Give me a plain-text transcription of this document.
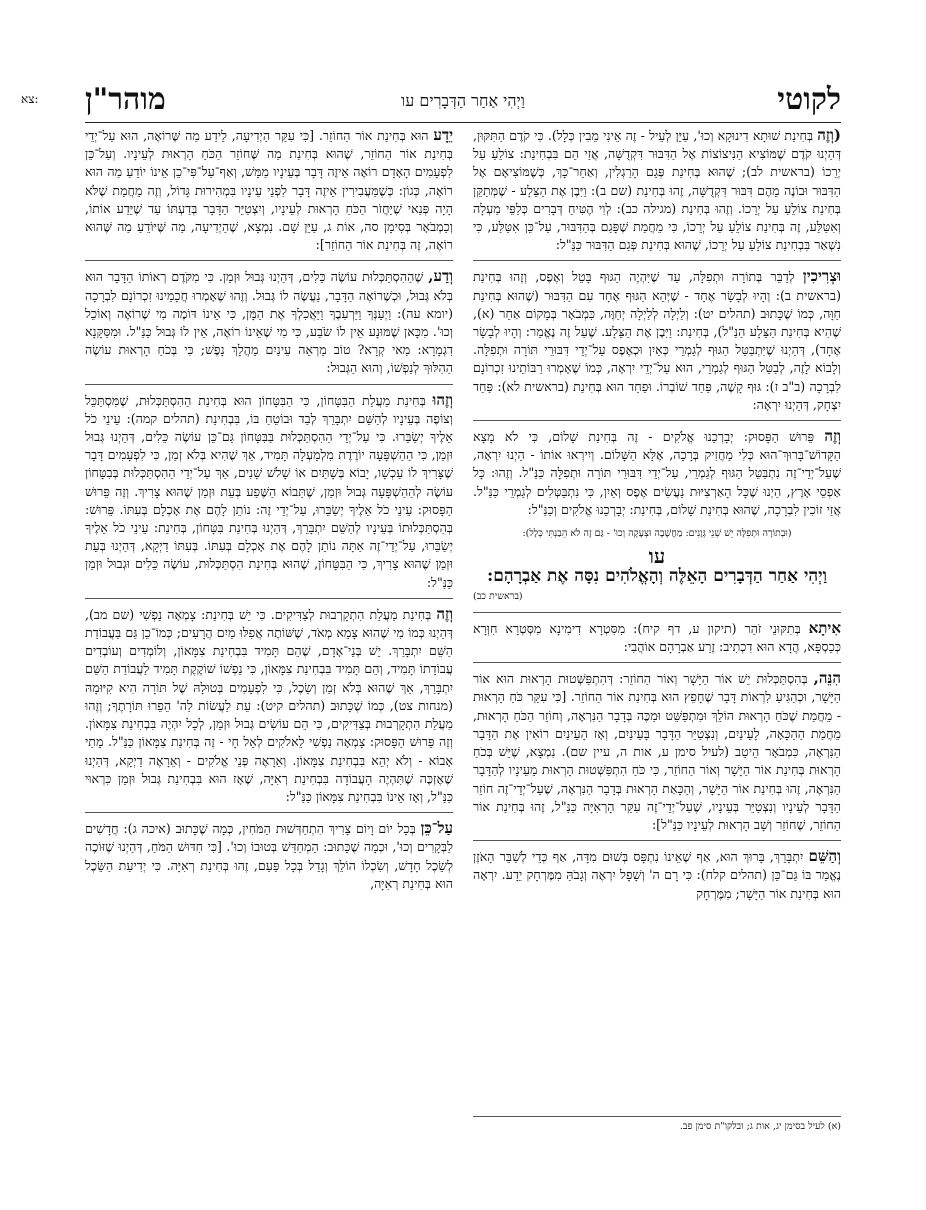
לקוטי
וַיְהִי אַחַר הַדְּבָרִים עו
מוהר"ן
צא:

(וְזֶה בְּחִינַת שׁוּתָא דִינוּקָא וְכוּ', עַיֵּן לְעֵיל - זֶה אֵינִי מֵבִין כְּלָל). כִּי קֹדֶם הַתִּקּוּן, דְּהַיְנוּ קֹדֶם שֶׁמּוֹצִיא הַנִּיצוֹצוֹת אֶל הַדִּבּוּר דִּקְדֻשָּׁה, אֲזַי הֵם בִּבְחִינַת: צוֹלֵעַ עַל יְרֵכוֹ (בראשית לב); שֶׁהוּא בְּחִינַת פְּגַם הָרַגְלִין, וְאַחַר־כָּךְ, כְּשֶׁמּוֹצִיאָם אֶל הַדִּבּוּר וּבוֹנֶה מֵהֶם דִּבּוּר דִּקְדֻשָּׁה, זֶהוּ בְּחִינַת (שם ב): וַיִּבֶן אֶת הַצֵּלָע - שֶׁמְּתַקֵּן בְּחִינַת צוֹלֵעַ עַל יְרֵכוֹ. וְזֶהוּ בְּחִינַת (מגילה כב): לְוִי הֶטִּיחַ דְּבָרִים כְּלַפֵּי מַעְלָה וְאִטַּלַּע, זֶה בְּחִינַת צוֹלֵעַ עַל יְרֵכוֹ, כִּי מֵחֲמַת שֶׁפָּגַם בְּהַדִּבּוּר, עַל־כֵּן אִטַּלַּע, כִּי נִשְׁאַר בִּבְחִינַת צוֹלֵעַ עַל יְרֵכוֹ, שֶׁהוּא בְּחִינַת פְּגַם הַדִּבּוּר כַּנַּ"ל:

וּצְרִיכִין לְדַבֵּר בְּתוֹרָה וּתְפִלָּה, עַד שֶׁיִּהְיֶה הַגּוּף בָּטֵל וְאֶפֶס, וְזֶהוּ בְּחִינַת (בראשית ב): וְהָיוּ לְבָשָׂר אֶחָד - שֶׁיְּהֵא הַגּוּף אֶחָד עִם הַדִּבּוּר (שֶׁהוּא בְּחִינַת חַוָּה, כְּמוֹ שֶׁכָּתוּב (תהלים יט): וְלַיְלָה לְלַיְלָה יְחַוֶּה, כִּמְבֹאָר בְּמָקוֹם אַחֵר (א), שֶׁהִיא בְּחִינַת הַצֵּלָע הַנַּ"ל), בְּחִינַת: וַיִּבֶן אֶת הַצֵּלָע. שֶׁעַל זֶה נֶאֱמַר: וְהָיוּ לְבָשָׂר אֶחָד), דְּהַיְנוּ שֶׁיִּתְבַּטֵּל הַגּוּף לְגַמְרֵי כְּאַיִן וּכְאֶפֶס עַל־יְדֵי דִּבּוּרֵי תּוֹרָה וּתְפִלָּה. וְלָבוֹא לָזֶה, לְבַטֵּל הַגּוּף לְגַמְרֵי, הוּא עַל־יְדֵי יִרְאָה, כְּמוֹ שֶׁאָמְרוּ רַבּוֹתֵינוּ זִכְרוֹנָם לִבְרָכָה (ב"ב ז): גּוּף קָשֶׁה, פַּחַד שׁוֹבְרוֹ. וּפַחַד הוּא בְּחִינַת (בראשית לא): פַּחַד יִצְחָק, דְּהַיְנוּ יִרְאָה:

וְזֶה פֵּרוּשׁ הַפָּסוּק: יְבָרְכֵנוּ אֱלֹקִים - זֶה בְּחִינַת שָׁלוֹם, כִּי לֹא מָצָא הַקָּדוֹשׁ־בָּרוּךְ־הוּא כְּלִי מַחֲזִיק בְּרָכָה, אֶלָּא הַשָּׁלוֹם. וְיִירְאוּ אוֹתוֹ - הַיְנוּ יִרְאָה, שֶׁעַל־יְדֵי־זֶה נִתְבַּטֵּל הַגּוּף לְגַמְרֵי, עַל־יְדֵי דִּבּוּרֵי תּוֹרָה וּתְפִלָּה כַּנַּ"ל. וְזֶהוּ: כָּל אַפְסֵי אָרֶץ, הַיְנוּ שֶׁכָּל הָאַרְצִיּוּת נַעֲשִׂים אֶפֶס וְאַיִן, כִּי נִתְבַּטְּלִים לְגַמְרֵי כַּנַּ"ל. אֲזַי זוֹכִין לִבְרָכָה, שֶׁהוּא בְּחִינַת שָׁלוֹם, בְּחִינַת: יְבָרְכֵנוּ אֱלֹקִים וְכַנַּ"ל:

(וּבְתוֹרָה וּתְפִלָּה יֵשׁ שְׁנֵי גְּוָנִים: מַחֲשָׁבָה וּצְעָקָה וְכוּ' - גַּם זֶה לֹא הֵבַנְתִּי כְּלָל):
עו
וַיְהִי אַחַר הַדְּבָרִים הָאֵלֶּה וְהָאֱלֹהִים נִסָּה אֶת אַבְרָהָם:
(בראשית כב)

אִיתָא בְּתִקּוּנֵי זֹהַר (תיקון ע, דף קיח): מִסִּטְרָא דִימִינָא מִסְּטְרָא חִוְּרָא כְּכַסְפָּא, הֲדָא הוּא דִכְתִיב: זֶרַע אַבְרָהָם אוֹהֲבִי:

הִנֵּה, בְּהִסְתַּכְּלוּת יֵשׁ אוֹר הַיָּשָׁר וְאוֹר הַחוֹזֵר: דְּהִתְפַּשְּׁטוּת הָרְאוּת הוּא אוֹר הַיָּשָׁר, וּכְהַגִּיעַ לִרְאוֹת דָּבָר שֶׁחָפֵץ הוּא בְּחִינַת אוֹר הַחוֹזֵר. [כִּי עִקַּר כֹּחַ הָרְאוּת - מֵחֲמַת שֶׁכֹּחַ הָרְאוּת הוֹלֵךְ וּמִתְפַּשֵּׁט וּמַכֶּה בְּדָבָר הַנִּרְאֶה, וְחוֹזֵר הַכֹּחַ הָרְאוּת, מֵחֲמַת הַהַכָּאָה, לָעֵינַיִם, וְנִצְטַיֵּר הַדָּבָר בָּעֵינַיִם, וְאָז הָעֵינַיִם רוֹאִין אֶת הַדָּבָר הַנִּרְאֶה, כִּמְבֹאָר הֵיטֵב (לעיל סימן ע, אות ה, עיין שם). נִמְצָא, שֶׁיֵּשׁ בְּכֹחַ הָרְאוּת בְּחִינַת אוֹר הַיָּשָׁר וְאוֹר הַחוֹזֵר, כִּי כֹּחַ הִתְפַּשְּׁטוּת הָרְאוּת מֵעֵינָיו לְהַדָּבָר הַנִּרְאֶה, זֶהוּ בְּחִינַת אוֹר הַיָּשָׁר, וְהַכָּאַת הָרְאוּת בְּדָבָר הַנִּרְאֶה, שֶׁעַל־יְדֵי־זֶה חוֹזֵר הַדָּבָר לְעֵינָיו וְנִצְטַיֵּר בְּעֵינָיו, שֶׁעַל־יְדֵי־זֶה עִקַּר הָרְאִיָּה כַּנַּ"ל, זֶהוּ בְּחִינַת אוֹר הַחוֹזֵר, שֶׁחוֹזֵר וְשָׁב הָרְאוּת לְעֵינָיו כַּנַּ"ל]:

וְהַשֵּׁם יִתְבָּרֵךְ, בָּרוּךְ הוּא, אַף שֶׁאֵינוֹ נִתְפָּס בְּשׁוּם מִדָּה, אַף כְּדֵי לְשַׁבֵּר הָאֹזֶן נֶאֱמַר בּוֹ גַּם־כֵּן (תהלים קלח): כִּי רָם ה' וְשָׁפָל יִרְאֶה וְגָבֹהַּ מִמֶּרְחָק יֵדָע. יִרְאָה הוּא בְּחִינַת אוֹר הַיָּשָׁר; מִמֶּרְחָק

(א) לעיל בסימן יג, אות ג; ובלקו"ת סימן פב.

יֵדָע הוּא בְּחִינַת אוֹר הַחוֹזֵר. [כִּי עִקַּר הַיְדִיעָה, לֵידַע מַה שֶּׁרוֹאֶה, הוּא עַל־יְדֵי בְּחִינַת אוֹר הַחוֹזֵר, שֶׁהוּא בְּחִינַת מַה שֶּׁחוֹזֵר הַכֹּחַ הָרְאוּת לְעֵינָיו. וְעַל־כֵּן לִפְעָמִים הָאָדָם רוֹאֶה אֵיזֶה דָּבָר בְּעֵינָיו מַמָּשׁ, וְאַף־עַל־פִּי־כֵן אֵינוֹ יוֹדֵעַ מַה הוּא רוֹאֶה, כְּגוֹן: כְּשֶׁמַּעֲבִירִין אֵיזֶה דָּבָר לִפְנֵי עֵינָיו בִּמְהִירוּת גָּדוֹל, וְזֶה מֵחֲמַת שֶׁלֹּא הָיָה פְּנַאי שֶׁיַּחֲזֹר הַכֹּחַ הָרְאוּת לְעֵינָיו, וְיִצְטַיֵּר הַדָּבָר בְּדַעְתּוֹ עַד שֶׁיֵּדַע אוֹתוֹ, וְכַמְבֹאָר בְּסִימָן סה, אוֹת ג, עַיֵּן שָׁם. נִמְצָא, שֶׁהַיְדִיעָה, מַה שֶּׁיּוֹדֵעַ מַה שֶּׁהוּא רוֹאֶה, זֶה בְּחִינַת אוֹר הַחוֹזֵר]:

וְדַע, שֶׁהַהִסְתַּכְּלוּת עוֹשֶׂה כֵּלִים, דְּהַיְנוּ גְּבוּל וּזְמַן. כִּי מִקֹּדֶם רְאוֹתוֹ הַדָּבָר הוּא בְּלֹא גְּבוּל, וּכְשֶׁרוֹאֶה הַדָּבָר, נַעֲשֶׂה לוֹ גְּבוּל. וְזֶהוּ שֶׁאָמְרוּ חֲכָמֵינוּ זִכְרוֹנָם לִבְרָכָה (יומא עה): וַיְעַנְּךָ וַיַּרְעִבֶךָ וַיַּאֲכִלְךָ אֶת הַמָּן, כִּי אֵינוֹ דּוֹמֶה מִי שֶׁרוֹאֶה וְאוֹכֵל וְכוּ'. מִכָּאן שֶׁמּוּנָע אֵין לוֹ שֹׂבַע, כִּי מִי שֶׁאֵינוֹ רוֹאֶה, אֵין לוֹ גְּבוּל כַּנַּ"ל. וּמִסַּקָּנָא דִגְמָרָא: מַאי קְרָא? טוֹב מַרְאֵה עֵינַיִם מֵהֲלָךְ נָפֶשׁ; כִּי בְּכֹחַ הָרְאוּת עוֹשֶׂה הַהִלּוּךְ לְנַפְשׁוֹ, וְהוּא הַגְּבוּל:

וְזֶהוּ בְּחִינַת מַעֲלַת הַבִּטָּחוֹן, כִּי הַבִּטָּחוֹן הוּא בְּחִינַת הַהִסְתַּכְּלוּת, שֶׁמִּסְתַּכֵּל וְצוֹפֶה בְּעֵינָיו לְהַשֵּׁם יִתְבָּרֵךְ לְבַד וּבוֹטֵחַ בּוֹ, בִּבְחִינַת (תהלים קמה): עֵינֵי כֹל אֵלֶיךָ יְשַׂבֵּרוּ. כִּי עַל־יְדֵי הַהִסְתַּכְּלוּת בַּבִּטָּחוֹן גַּם־כֵּן עוֹשֶׂה כֵּלִים, דְּהַיְנוּ גְּבוּל וּזְמַן, כִּי הַהַשְׁפָּעָה יוֹרֶדֶת מִלְמַעְלָה תָּמִיד, אַךְ שֶׁהִיא בְּלֹא זְמַן, כִּי לִפְעָמִים דָּבָר שֶׁצָּרִיךְ לוֹ עַכְשָׁו, יָבוֹא בְּשָׁתַּיִם אוֹ שָׁלֹשׁ שָׁנִים, אַךְ עַל־יְדֵי הַהִסְתַּכְּלוּת בְּבִטָּחוֹן עוֹשֶׂה לְהַהַשְׁפָּעָה גְּבוּל וּזְמַן, שֶׁתַּבוֹא הַשֶּׁפַע בְּעֵת וּזְמַן שֶׁהוּא צָרִיךְ. וְזֶה פֵּרוּשׁ הַפָּסוּק: עֵינֵי כֹל אֵלֶיךָ יְשַׂבֵּרוּ, עַל־יְדֵי זֶה: נוֹתֵן לָהֶם אֶת אָכְלָם בְּעִתּוֹ. פֵּרוּשׁ: בְּהִסְתַּכְּלוּתוֹ בְּעֵינָיו לְהַשֵּׁם יִתְבָּרֵךְ, דְּהַיְנוּ בְּחִינַת בִּטָּחוֹן, בְּחִינַת: עֵינֵי כֹל אֵלֶיךָ יְשַׂבֵּרוּ, עַל־יְדֵי־זֶה אַתָּה נוֹתֵן לָהֶם אֶת אָכְלָם בְּעִתּוֹ. בְּעִתּוֹ דַיְקָא, דְּהַיְנוּ בְּעֵת וּזְמַן שֶׁהוּא צָרִיךְ, כִּי הַבִּטָּחוֹן, שֶׁהוּא בְּחִינַת הִסְתַּכְּלוּת, עוֹשֶׂה כֵּלִים וּגְבוּל וּזְמַן כַּנַּ"ל:

וְזֶה בְּחִינַת מַעֲלַת הִתְקָרְבוּת לְצַדִּיקִים. כִּי יֵשׁ בְּחִינַת: צָמְאָה נַפְשִׁי (שם מב), דְּהַיְנוּ כְּמוֹ מִי שֶׁהוּא צָמֵא מְאֹד, שֶׁשּׁוֹתֶה אֲפִלּוּ מַיִם הֲרָעִים; כְּמוֹ־כֵן גַּם בַּעֲבוֹדַת הַשֵּׁם יִתְבָּרַךְ. יֵשׁ בְּנֵי־אָדָם, שֶׁהֵם תָּמִיד בִּבְחִינַת צִמָּאוֹן, וְלוֹמְדִים וְעוֹבְדִים עֲבוֹדָתוֹ תָּמִיד, וְהֵם תָּמִיד בִּבְחִינַת צִמָּאוֹן, כִּי נַפְשׁוֹ שׁוֹקֶקֶת תָּמִיד לַעֲבוֹדַת הַשֵּׁם יִתְבָּרַךְ, אַךְ שֶׁהוּא בְּלֹא זְמַן וְשֵׂכֶל, כִּי לִפְעָמִים בְּטוּלָהּ שֶׁל תּוֹרָה הִיא קִיּוּמָהּ (מנחות צט), כְּמוֹ שֶׁכָּתוּב (תהלים קיט): עֵת לַעֲשׂוֹת לַה' הֵפֵרוּ תּוֹרָתֶךָ; וְזֶהוּ מַעֲלַת הִתְקָרְבוּת בְּצַדִּיקִים, כִּי הֵם עוֹשִׂים גְּבוּל וּזְמַן, לְכָל יִהְיֶה בִּבְחִינַת צִמָּאוֹן. וְזֶה פֵּרוּשׁ הַפָּסוּק: צָמְאָה נַפְשִׁי לֵאלֹקִים לְאֵל חָי - זֶה בְּחִינַת צִמָּאוֹן כַּנַּ"ל. מָתַי אָבוֹא - וְלֹא יְהֵא בִּבְחִינַת צִמָּאוֹן. וְאֵרָאֶה פְּנֵי אֱלֹקִים - וְאֵרָאֶה דַיְקָא, דְּהַיְנוּ שֶׁאֶזְכֶּה שֶׁתִּהְיֶה הָעֲבוֹדָה בִּבְחִינַת רְאִיָּה, שֶׁאָז הוּא בִּבְחִינַת גְּבוּל וּזְמַן כִּרְאוּי כַּנַּ"ל, וְאָז אֵינוֹ בִּבְחִינַת צִמָּאוֹן כַּנַּ"ל:

עַל־כֵּן בְּכָל יוֹם וָיוֹם צָרִיךְ הִתְחַדְּשׁוּת הַמֹּחִין, כְּמָה שֶׁכָּתוּב (איכה ג): חֲדָשִׁים לַבְּקָרִים וְכוּ', וּכְמָה שֶׁכָּתוּב: הַמְחַדֵּשׁ בְּטוּבוֹ וְכוּ'. [כִּי חִדּוּשׁ הַמֹּחַ, דְּהַיְנוּ שֶׁזּוֹכֶה לְשֵׂכֶל חָדָשׁ, וְשִׂכְלוֹ הוֹלֵךְ וְגָדֵל בְּכָל פַּעַם, זֶהוּ בְּחִינַת רְאִיָּה. כִּי יְדִיעַת הַשֵּׂכֶל הוּא בְּחִינַת רְאִיָּה,
